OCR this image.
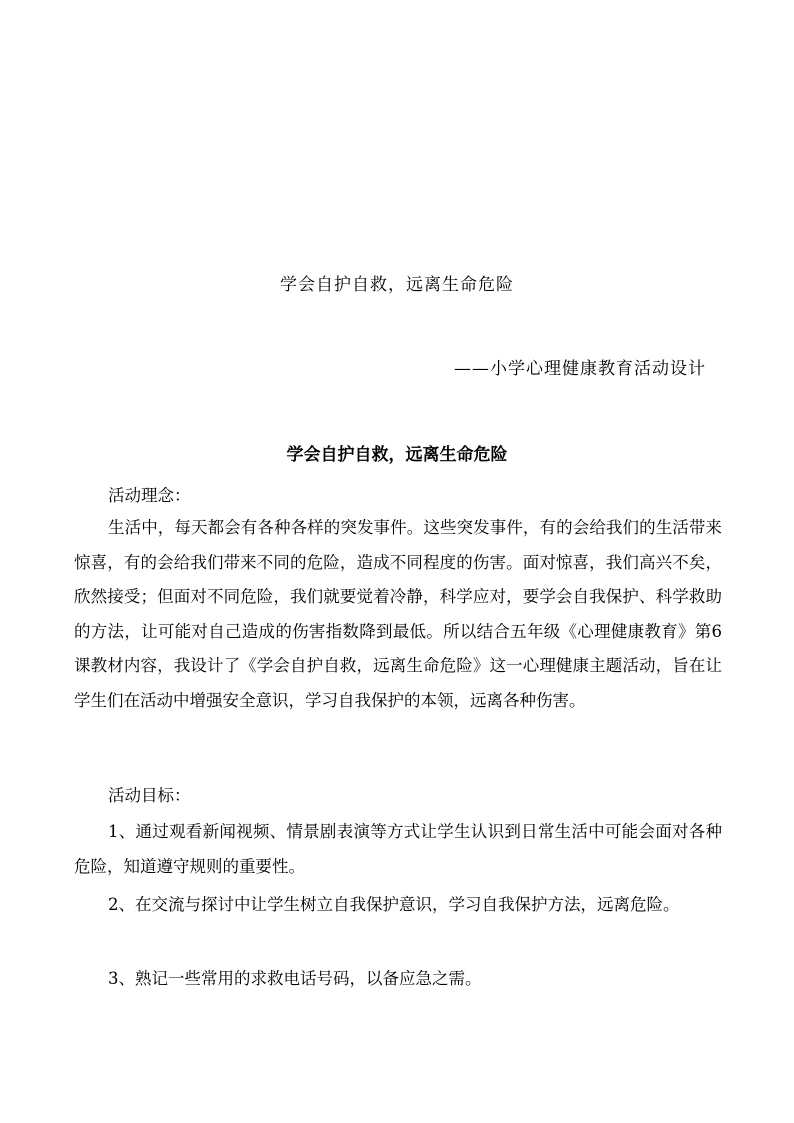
学会自护自救，远离生命危险
——小学心理健康教育活动设计
学会自护自救，远离生命危险
活动理念：
生活中，每天都会有各种各样的突发事件。这些突发事件，有的会给我们的生活带来惊喜，有的会给我们带来不同的危险，造成不同程度的伤害。面对惊喜，我们高兴不矣，欣然接受；但面对不同危险，我们就要觉着冷静，科学应对，要学会自我保护、科学救助的方法，让可能对自己造成的伤害指数降到最低。所以结合五年级《心理健康教育》第6课教材内容，我设计了《学会自护自救，远离生命危险》这一心理健康主题活动，旨在让学生们在活动中增强安全意识，学习自我保护的本领，远离各种伤害。
活动目标：
1、通过观看新闻视频、情景剧表演等方式让学生认识到日常生活中可能会面对各种危险，知道遵守规则的重要性。
2、在交流与探讨中让学生树立自我保护意识，学习自我保护方法，远离危险。
3、熟记一些常用的求救电话号码，以备应急之需。
